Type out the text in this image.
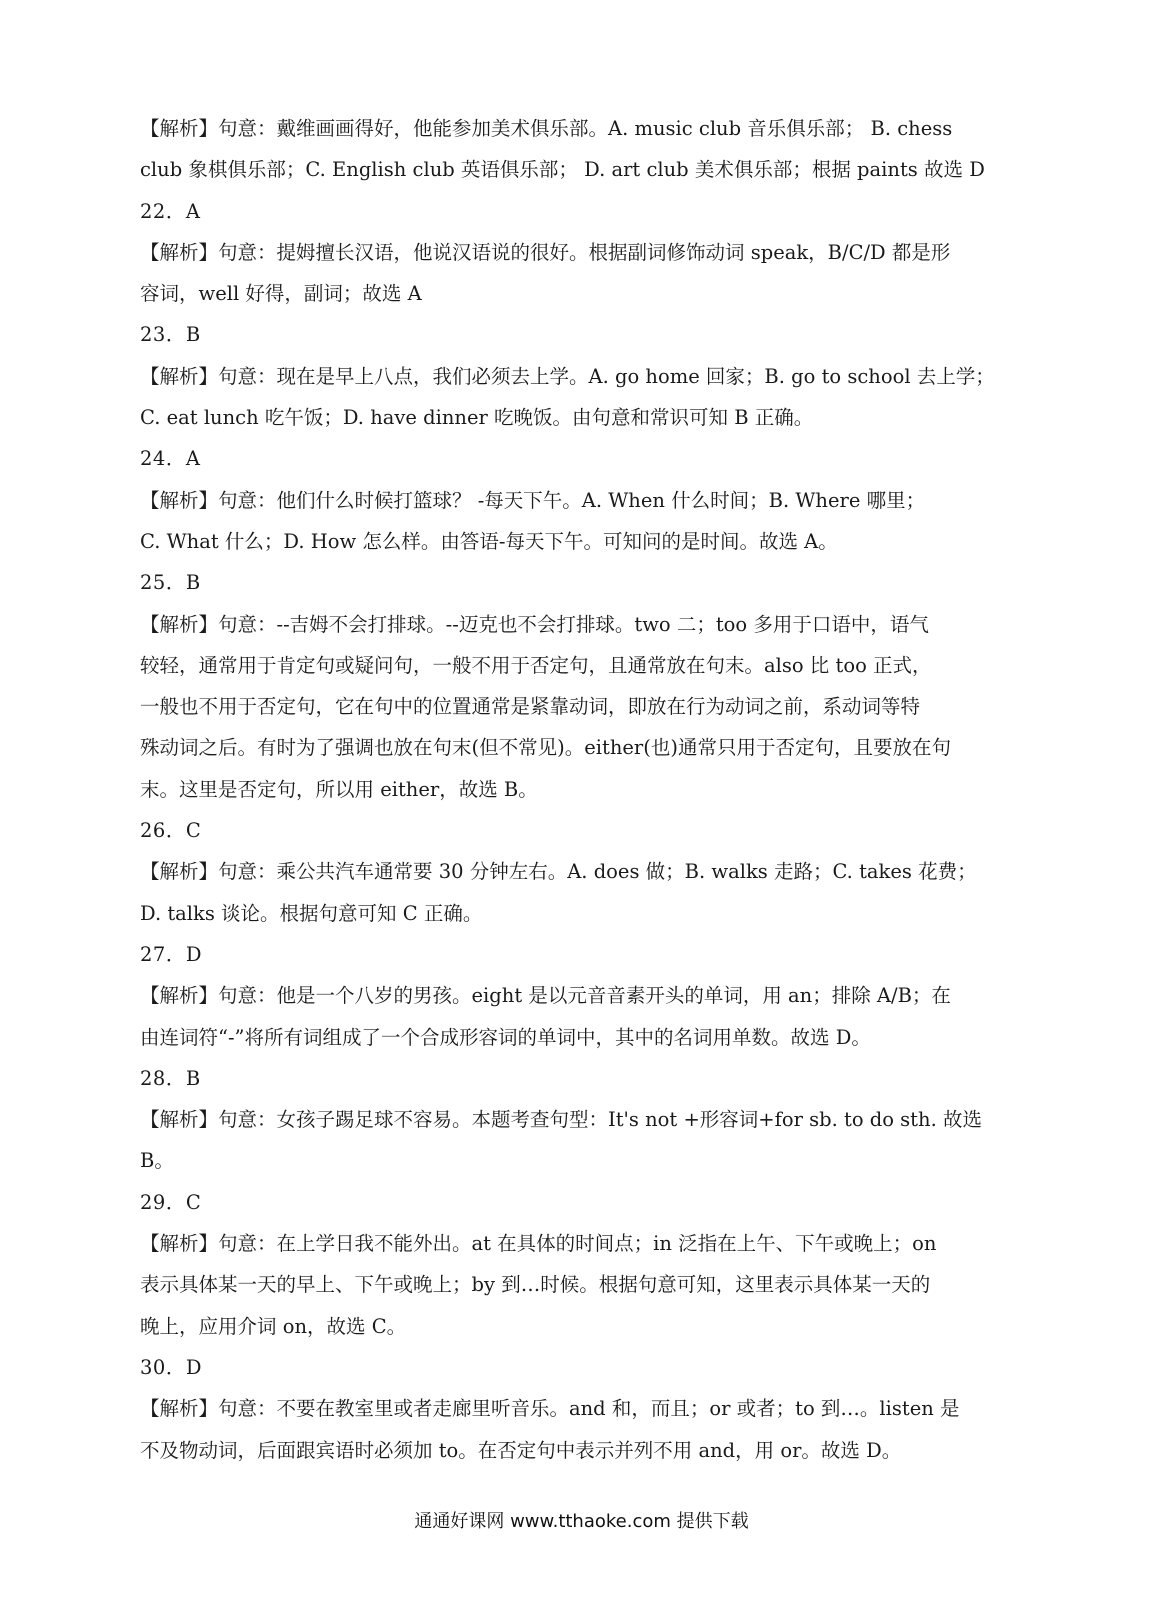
【解析】句意：戴维画画得好，他能参加美术俱乐部。A. music club 音乐俱乐部； B. chess
club 象棋俱乐部；C. English club 英语俱乐部； D. art club 美术俱乐部；根据 paints 故选 D
22．A
【解析】句意：提姆擅长汉语，他说汉语说的很好。根据副词修饰动词 speak，B/C/D 都是形
容词，well 好得，副词；故选 A
23．B
【解析】句意：现在是早上八点，我们必须去上学。A. go home 回家；B. go to school 去上学；
C. eat lunch 吃午饭；D. have dinner 吃晚饭。由句意和常识可知 B 正确。
24．A
【解析】句意：他们什么时候打篮球？ -每天下午。A. When 什么时间；B. Where 哪里；
C. What 什么；D. How 怎么样。由答语-每天下午。可知问的是时间。故选 A。
25．B
【解析】句意：--吉姆不会打排球。--迈克也不会打排球。two 二；too 多用于口语中，语气
较轻，通常用于肯定句或疑问句，一般不用于否定句，且通常放在句末。also 比 too 正式，
一般也不用于否定句，它在句中的位置通常是紧靠动词，即放在行为动词之前，系动词等特
殊动词之后。有时为了强调也放在句末(但不常见)。either(也)通常只用于否定句，且要放在句
末。这里是否定句，所以用 either，故选 B。
26．C
【解析】句意：乘公共汽车通常要 30 分钟左右。A. does 做；B. walks 走路；C. takes 花费；
D. talks 谈论。根据句意可知 C 正确。
27．D
【解析】句意：他是一个八岁的男孩。eight 是以元音音素开头的单词，用 an；排除 A/B；在
由连词符“-”将所有词组成了一个合成形容词的单词中，其中的名词用单数。故选 D。
28．B
【解析】句意：女孩子踢足球不容易。本题考查句型：It's not +形容词+for sb. to do sth. 故选
B。
29．C
【解析】句意：在上学日我不能外出。at 在具体的时间点；in 泛指在上午、下午或晚上；on
表示具体某一天的早上、下午或晚上；by 到…时候。根据句意可知，这里表示具体某一天的
晚上，应用介词 on，故选 C。
30．D
【解析】句意：不要在教室里或者走廊里听音乐。and 和，而且；or 或者；to 到…。listen 是
不及物动词，后面跟宾语时必须加 to。在否定句中表示并列不用 and，用 or。故选 D。
通通好课网 www.tthaoke.com 提供下载
